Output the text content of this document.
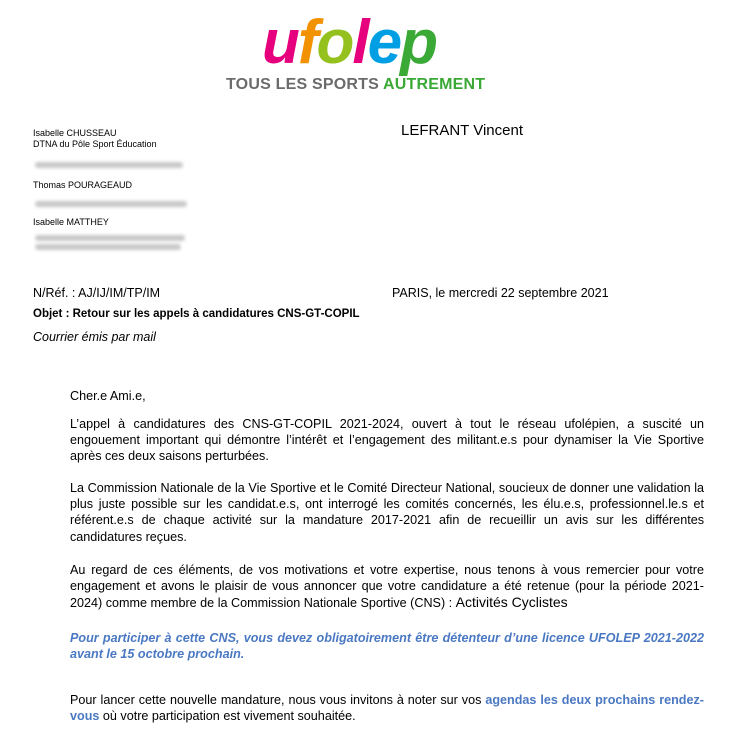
ufolep
TOUS LES SPORTS AUTREMENT
Isabelle CHUSSEAU
DTNA du Pôle Sport Éducation
Thomas POURAGEAUD
Isabelle MATTHEY
LEFRANT Vincent
N/Réf. : AJ/IJ/IM/TP/IM	PARIS, le mercredi 22 septembre 2021
Objet : Retour sur les appels à candidatures CNS-GT-COPIL
Courrier émis par mail
Cher.e Ami.e,
L’appel à candidatures des CNS-GT-COPIL 2021-2024, ouvert à tout le réseau ufolépien, a suscité un engouement important qui démontre l’intérêt et l’engagement des militant.e.s pour dynamiser la Vie Sportive après ces deux saisons perturbées.
La Commission Nationale de la Vie Sportive et le Comité Directeur National, soucieux de donner une validation la plus juste possible sur les candidat.e.s, ont interrogé les comités concernés, les élu.e.s, professionnel.le.s et référent.e.s de chaque activité sur la mandature 2017-2021 afin de recueillir un avis sur les différentes candidatures reçues.
Au regard de ces éléments, de vos motivations et votre expertise, nous tenons à vous remercier pour votre engagement et avons le plaisir de vous annoncer que votre candidature a été retenue (pour la période 2021-2024) comme membre de la Commission Nationale Sportive (CNS) : Activités Cyclistes
Pour participer à cette CNS, vous devez obligatoirement être détenteur d’une licence UFOLEP 2021-2022 avant le 15 octobre prochain.
Pour lancer cette nouvelle mandature, nous vous invitons à noter sur vos agendas les deux prochains rendez-vous où votre participation est vivement souhaitée.
